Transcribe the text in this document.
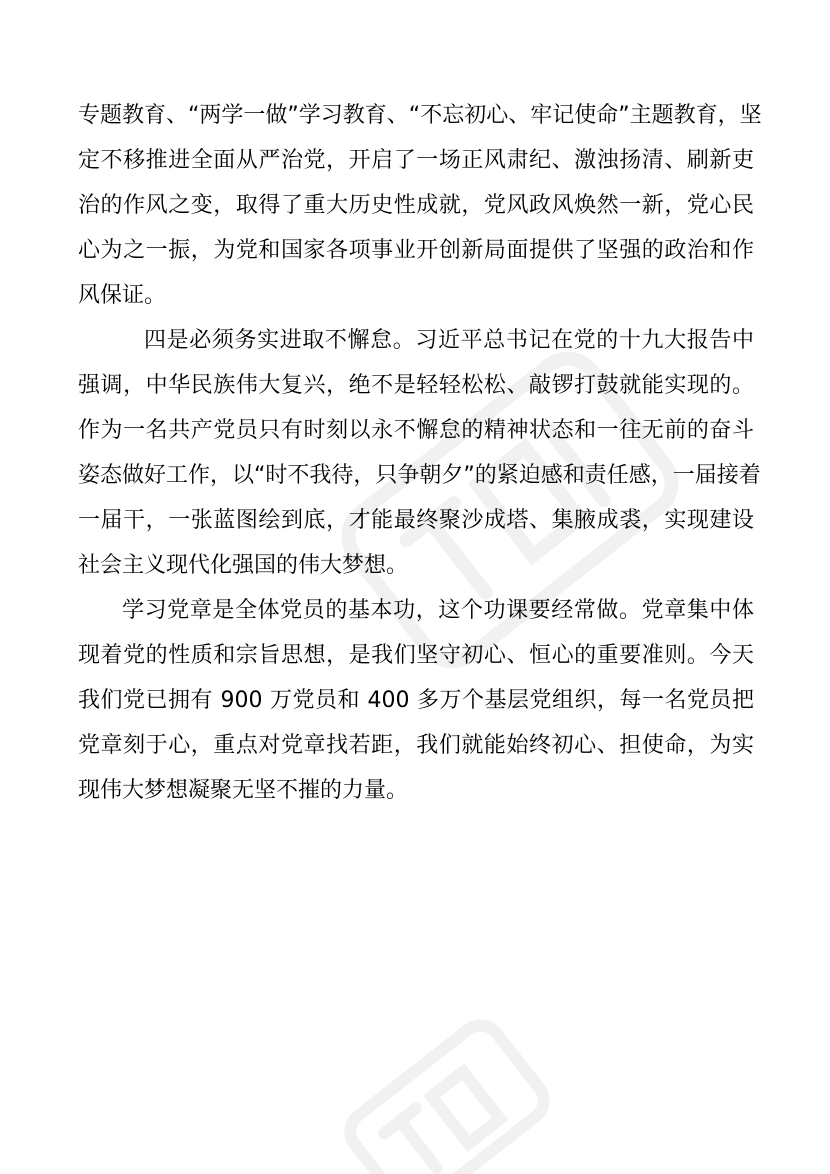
专题教育、“两学一做”学习教育、“不忘初心、牢记使命”主题教育，坚
定不移推进全面从严治党，开启了一场正风肃纪、激浊扬清、刷新吏
治的作风之变，取得了重大历史性成就，党风政风焕然一新，党心民
心为之一振，为党和国家各项事业开创新局面提供了坚强的政治和作
风保证。
四是必须务实进取不懈怠。习近平总书记在党的十九大报告中
强调，中华民族伟大复兴，绝不是轻轻松松、敲锣打鼓就能实现的。
作为一名共产党员只有时刻以永不懈怠的精神状态和一往无前的奋斗
姿态做好工作，以“时不我待，只争朝夕”的紧迫感和责任感，一届接着
一届干，一张蓝图绘到底，才能最终聚沙成塔、集腋成裘，实现建设
社会主义现代化强国的伟大梦想。
学习党章是全体党员的基本功，这个功课要经常做。党章集中体
现着党的性质和宗旨思想，是我们坚守初心、恒心的重要准则。今天
我们党已拥有 900 万党员和 400 多万个基层党组织，每一名党员把
党章刻于心，重点对党章找若距，我们就能始终初心、担使命，为实
现伟大梦想凝聚无坚不摧的力量。
